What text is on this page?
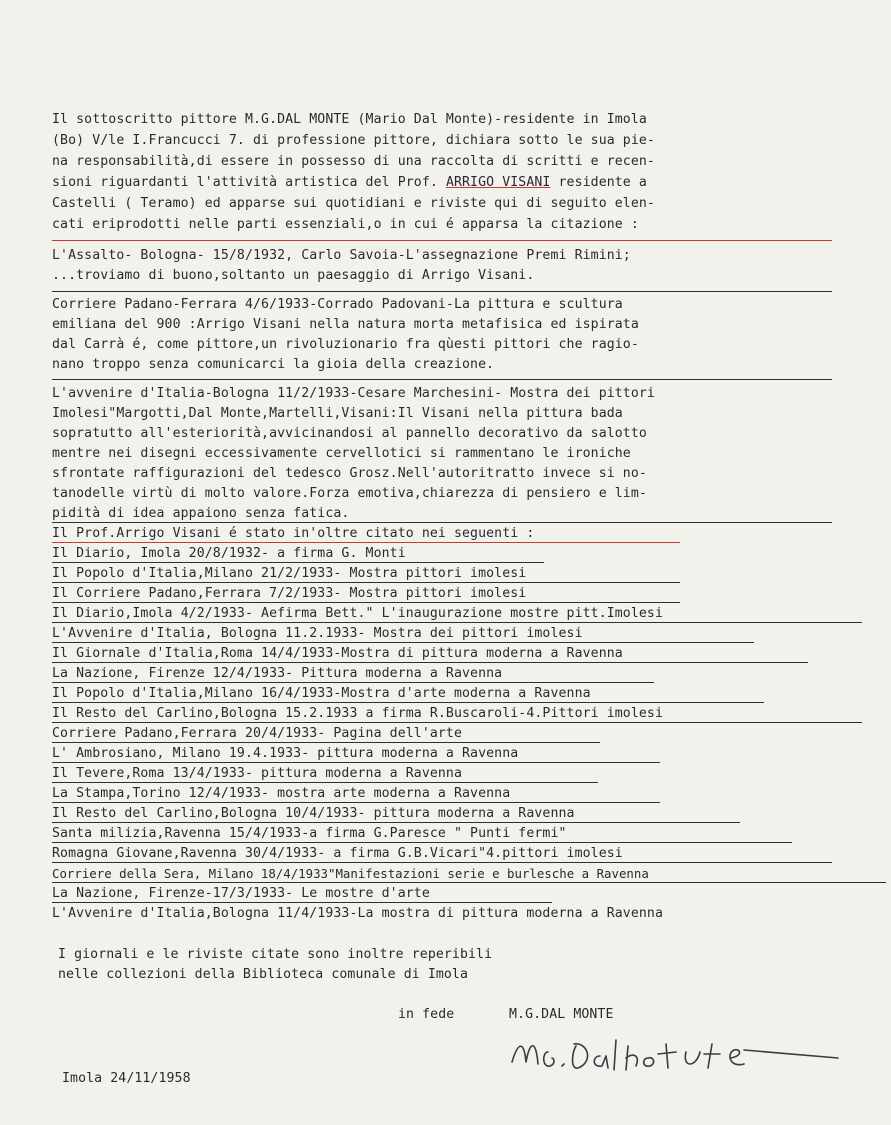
Il sottoscritto pittore M.G.DAL MONTE (Mario Dal Monte)-residente in Imola
(Bo) V/le I.Francucci 7. di professione pittore, dichiara sotto le sua pie-
na responsabilità,di essere in possesso di una raccolta di scritti e recen-
sioni riguardanti l'attività artistica del Prof. ARRIGO VISANI residente a
Castelli ( Teramo) ed apparse sui quotidiani e riviste qui di seguito elen-
cati eriprodotti nelle parti essenziali,o in cui é apparsa la citazione :
L'Assalto- Bologna- 15/8/1932, Carlo Savoia-L'assegnazione Premi Rimini;
...troviamo di buono,soltanto un paesaggio di Arrigo Visani.
Corriere Padano-Ferrara 4/6/1933-Corrado Padovani-La pittura e scultura
emiliana del 900 :Arrigo Visani nella natura morta metafisica ed ispirata
dal Carrà é, come pittore,un rivoluzionario fra qùesti pittori che ragio-
nano troppo senza comunicarci la gioia della creazione.
L'avvenire d'Italia-Bologna 11/2/1933-Cesare Marchesini- Mostra dei pittori
Imolesi"Margotti,Dal Monte,Martelli,Visani:Il Visani nella pittura bada
sopratutto all'esteriorità,avvicinandosi al pannello decorativo da salotto
mentre nei disegni eccessivamente cervellotici si rammentano le ironiche
sfrontate raffigurazioni del tedesco Grosz.Nell'autoritratto invece si no-
tanodelle virtù di molto valore.Forza emotiva,chiarezza di pensiero e lim-
pidità di idea appaiono senza fatica.
Il Prof.Arrigo Visani é stato in'oltre citato nei seguenti :
Il Diario, Imola 20/8/1932- a firma G. Monti
Il Popolo d'Italia,Milano 21/2/1933- Mostra pittori imolesi
Il Corriere Padano,Ferrara 7/2/1933- Mostra pittori imolesi
Il Diario,Imola 4/2/1933- Aefirma Bett." L'inaugurazione mostre pitt.Imolesi
L'Avvenire d'Italia, Bologna 11.2.1933- Mostra dei pittori imolesi
Il Giornale d'Italia,Roma 14/4/1933-Mostra di pittura moderna a Ravenna
La Nazione, Firenze 12/4/1933- Pittura moderna a Ravenna
Il Popolo d'Italia,Milano 16/4/1933-Mostra d'arte moderna a Ravenna
Il Resto del Carlino,Bologna 15.2.1933 a firma R.Buscaroli-4.Pittori imolesi
Corriere Padano,Ferrara 20/4/1933- Pagina dell'arte
L' Ambrosiano, Milano 19.4.1933- pittura moderna a Ravenna
Il Tevere,Roma 13/4/1933- pittura moderna a Ravenna
La Stampa,Torino 12/4/1933- mostra arte moderna a Ravenna
Il Resto del Carlino,Bologna 10/4/1933- pittura moderna a Ravenna
Santa milizia,Ravenna 15/4/1933-a firma G.Paresce " Punti fermi"
Romagna Giovane,Ravenna 30/4/1933- a firma G.B.Vicari"4.pittori imolesi
Corriere della Sera, Milano 18/4/1933"Manifestazioni serie e burlesche a Ravenna
La Nazione, Firenze-17/3/1933- Le mostre d'arte
L'Avvenire d'Italia,Bologna 11/4/1933-La mostra di pittura moderna a Ravenna
I giornali e le riviste citate sono inoltre reperibili
nelle collezioni della Biblioteca comunale di Imola
in fede	M.G.DAL MONTE
Imola 24/11/1958
